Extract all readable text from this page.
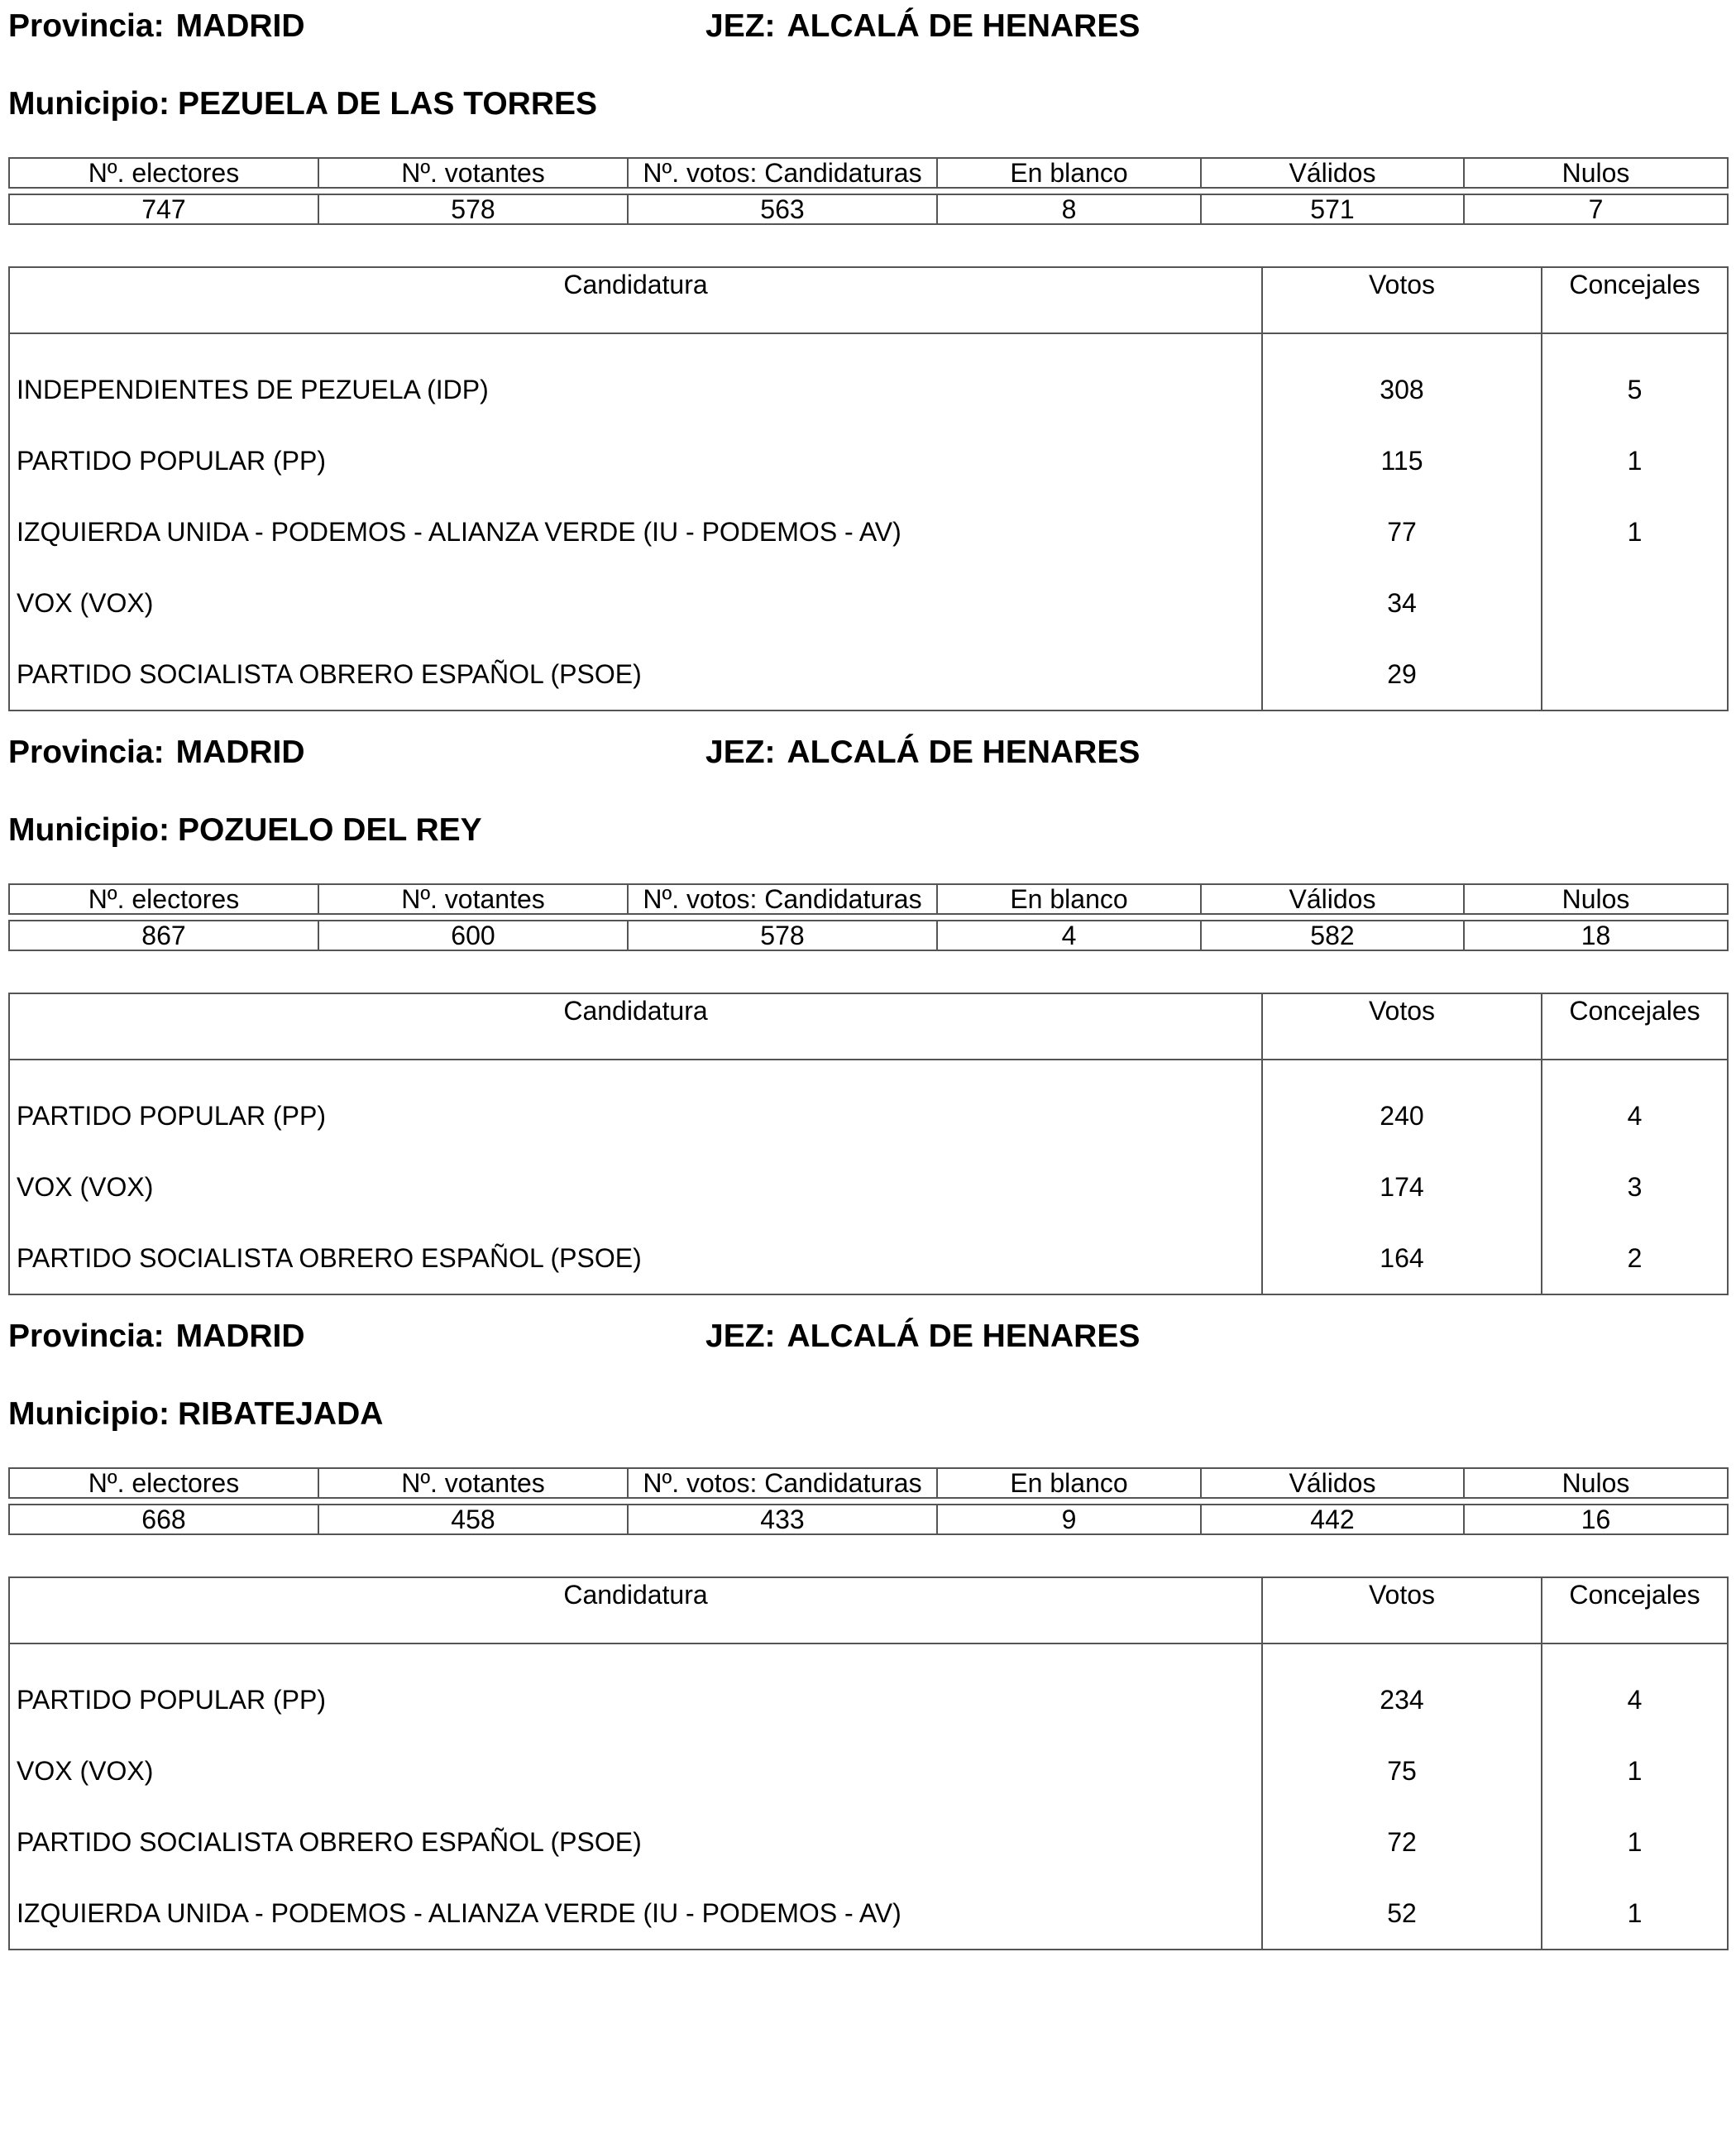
Provincia: MADRID	JEZ: ALCALÁ DE HENARES
Municipio: PEZUELA DE LAS TORRES
Nº. electores	Nº. votantes	Nº. votos: Candidaturas	En blanco	Válidos	Nulos

747	578	563	8	571	7
Candidatura	Votos	Concejales
INDEPENDIENTES DE PEZUELA (IDP)	308	5
PARTIDO POPULAR (PP)	115	1
IZQUIERDA UNIDA - PODEMOS - ALIANZA VERDE (IU - PODEMOS - AV)	77	1
VOX (VOX)	34
PARTIDO SOCIALISTA OBRERO ESPAÑOL (PSOE)	29
Provincia: MADRID	JEZ: ALCALÁ DE HENARES
Municipio: POZUELO DEL REY
Nº. electores	Nº. votantes	Nº. votos: Candidaturas	En blanco	Válidos	Nulos

867	600	578	4	582	18
Candidatura	Votos	Concejales
PARTIDO POPULAR (PP)	240	4
VOX (VOX)	174	3
PARTIDO SOCIALISTA OBRERO ESPAÑOL (PSOE)	164	2
Provincia: MADRID	JEZ: ALCALÁ DE HENARES
Municipio: RIBATEJADA
Nº. electores	Nº. votantes	Nº. votos: Candidaturas	En blanco	Válidos	Nulos

668	458	433	9	442	16
Candidatura	Votos	Concejales
PARTIDO POPULAR (PP)	234	4
VOX (VOX)	75	1
PARTIDO SOCIALISTA OBRERO ESPAÑOL (PSOE)	72	1
IZQUIERDA UNIDA - PODEMOS - ALIANZA VERDE (IU - PODEMOS - AV)	52	1
